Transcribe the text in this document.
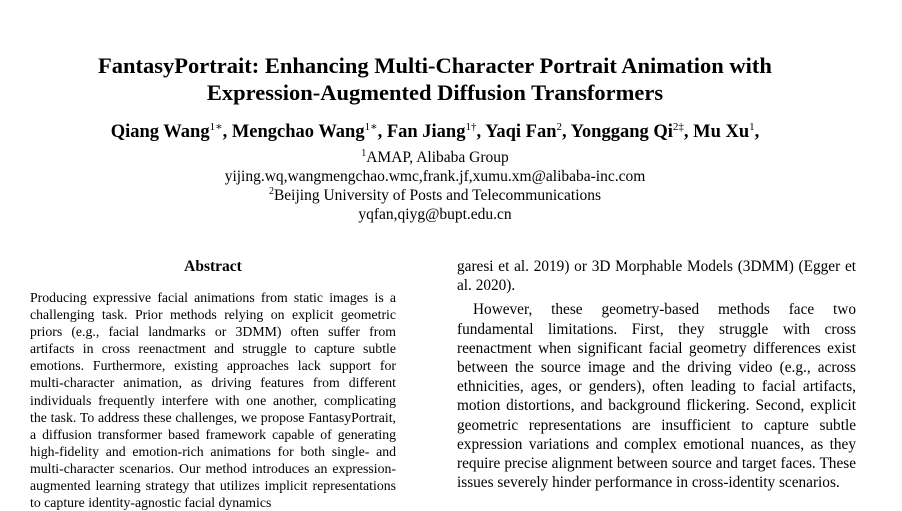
FantasyPortrait: Enhancing Multi-Character Portrait Animation with
Expression-Augmented Diffusion Transformers
Qiang Wang$^{1∗}$, Mengchao Wang$^{1∗}$, Fan Jiang$^{1\dagger}$, Yaqi Fan$^2$, Yonggang $Qi^{2\ddagger}$, Mu Xu$^1$,
$^1$AMAP, Alibaba Group
yijing.wq,wangmengchao.wmc,frank.jf,xumu.xm@alibaba-inc.com
$^2$Beijing University of Posts and Telecommunications
yqfan,qiyg@bupt.edu.cn
Abstract
Producing expressive facial animations from static images is a challenging task. Prior methods relying on explicit geometric priors (e.g., facial landmarks or 3DMM) often suffer from artifacts in cross reenactment and struggle to capture subtle emotions. Furthermore, existing approaches lack support for multi-character animation, as driving features from different individuals frequently interfere with one another, complicating the task. To address these challenges, we propose FantasyPortrait, a diffusion transformer based framework capable of generating high-fidelity and emotion-rich animations for both single- and multi-character scenarios. Our method introduces an expression-augmented learning strategy that utilizes implicit representations to capture identity-agnostic facial dynamics

garesi et al. 2019) or 3D Morphable Models (3DMM) (Egger et al. 2020).

However, these geometry-based methods face two fundamental limitations. First, they struggle with cross reenactment when significant facial geometry differences exist between the source image and the driving video (e.g., across ethnicities, ages, or genders), often leading to facial artifacts, motion distortions, and background flickering. Second, explicit geometric representations are insufficient to capture subtle expression variations and complex emotional nuances, as they require precise alignment between source and target faces. These issues severely hinder performance in cross-identity scenarios.
